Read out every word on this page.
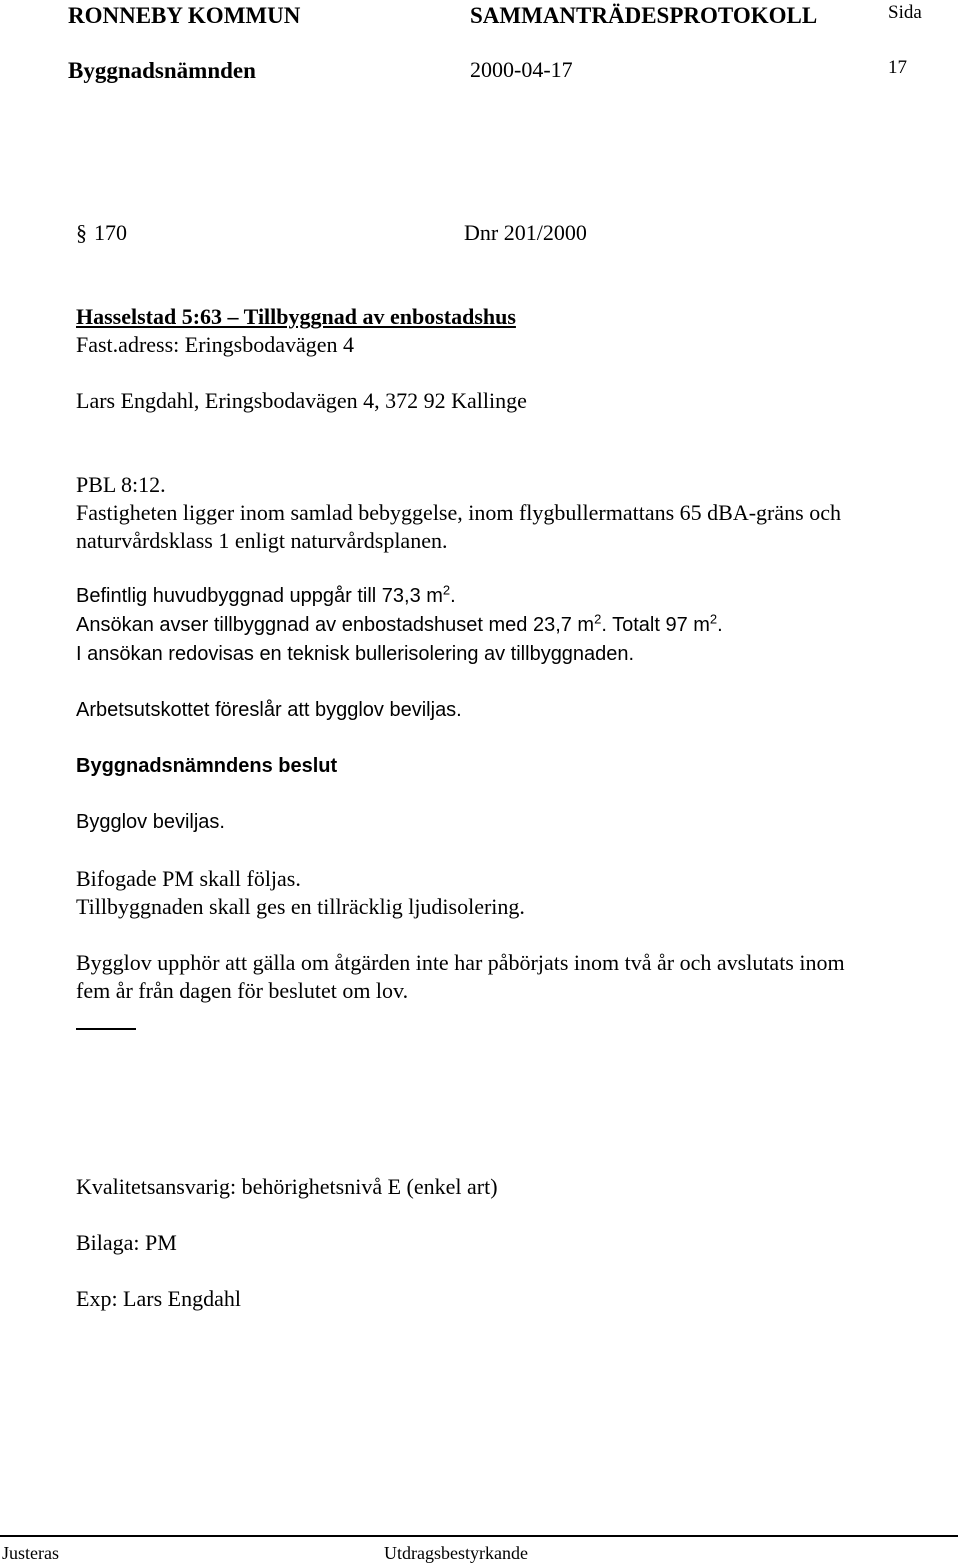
RONNEBY KOMMUN	SAMMANTRÄDESPROTOKOLL	Sida
Byggnadsnämnden	2000-04-17	17
§ 170	Dnr 201/2000
Hasselstad 5:63 – Tillbyggnad av enbostadshus
Fast.adress: Eringsbodavägen 4
Lars Engdahl, Eringsbodavägen 4, 372 92 Kallinge
PBL 8:12.
Fastigheten ligger inom samlad bebyggelse, inom flygbullermattans 65 dBA-gräns och
naturvårdsklass 1 enligt naturvårdsplanen.
Befintlig huvudbyggnad uppgår till 73,3 $m^2$.
Ansökan avser tillbyggnad av enbostadshuset med 23,7 $m^2$. Totalt 97 $m^2$.
I ansökan redovisas en teknisk bullerisolering av tillbyggnaden.
Arbetsutskottet föreslår att bygglov beviljas.
Byggnadsnämndens beslut
Bygglov beviljas.
Bifogade PM skall följas.
Tillbyggnaden skall ges en tillräcklig ljudisolering.
Bygglov upphör att gälla om åtgärden inte har påbörjats inom två år och avslutats inom
fem år från dagen för beslutet om lov.
Kvalitetsansvarig: behörighetsnivå E (enkel art)
Bilaga: PM
Exp: Lars Engdahl
Justeras	Utdragsbestyrkande
